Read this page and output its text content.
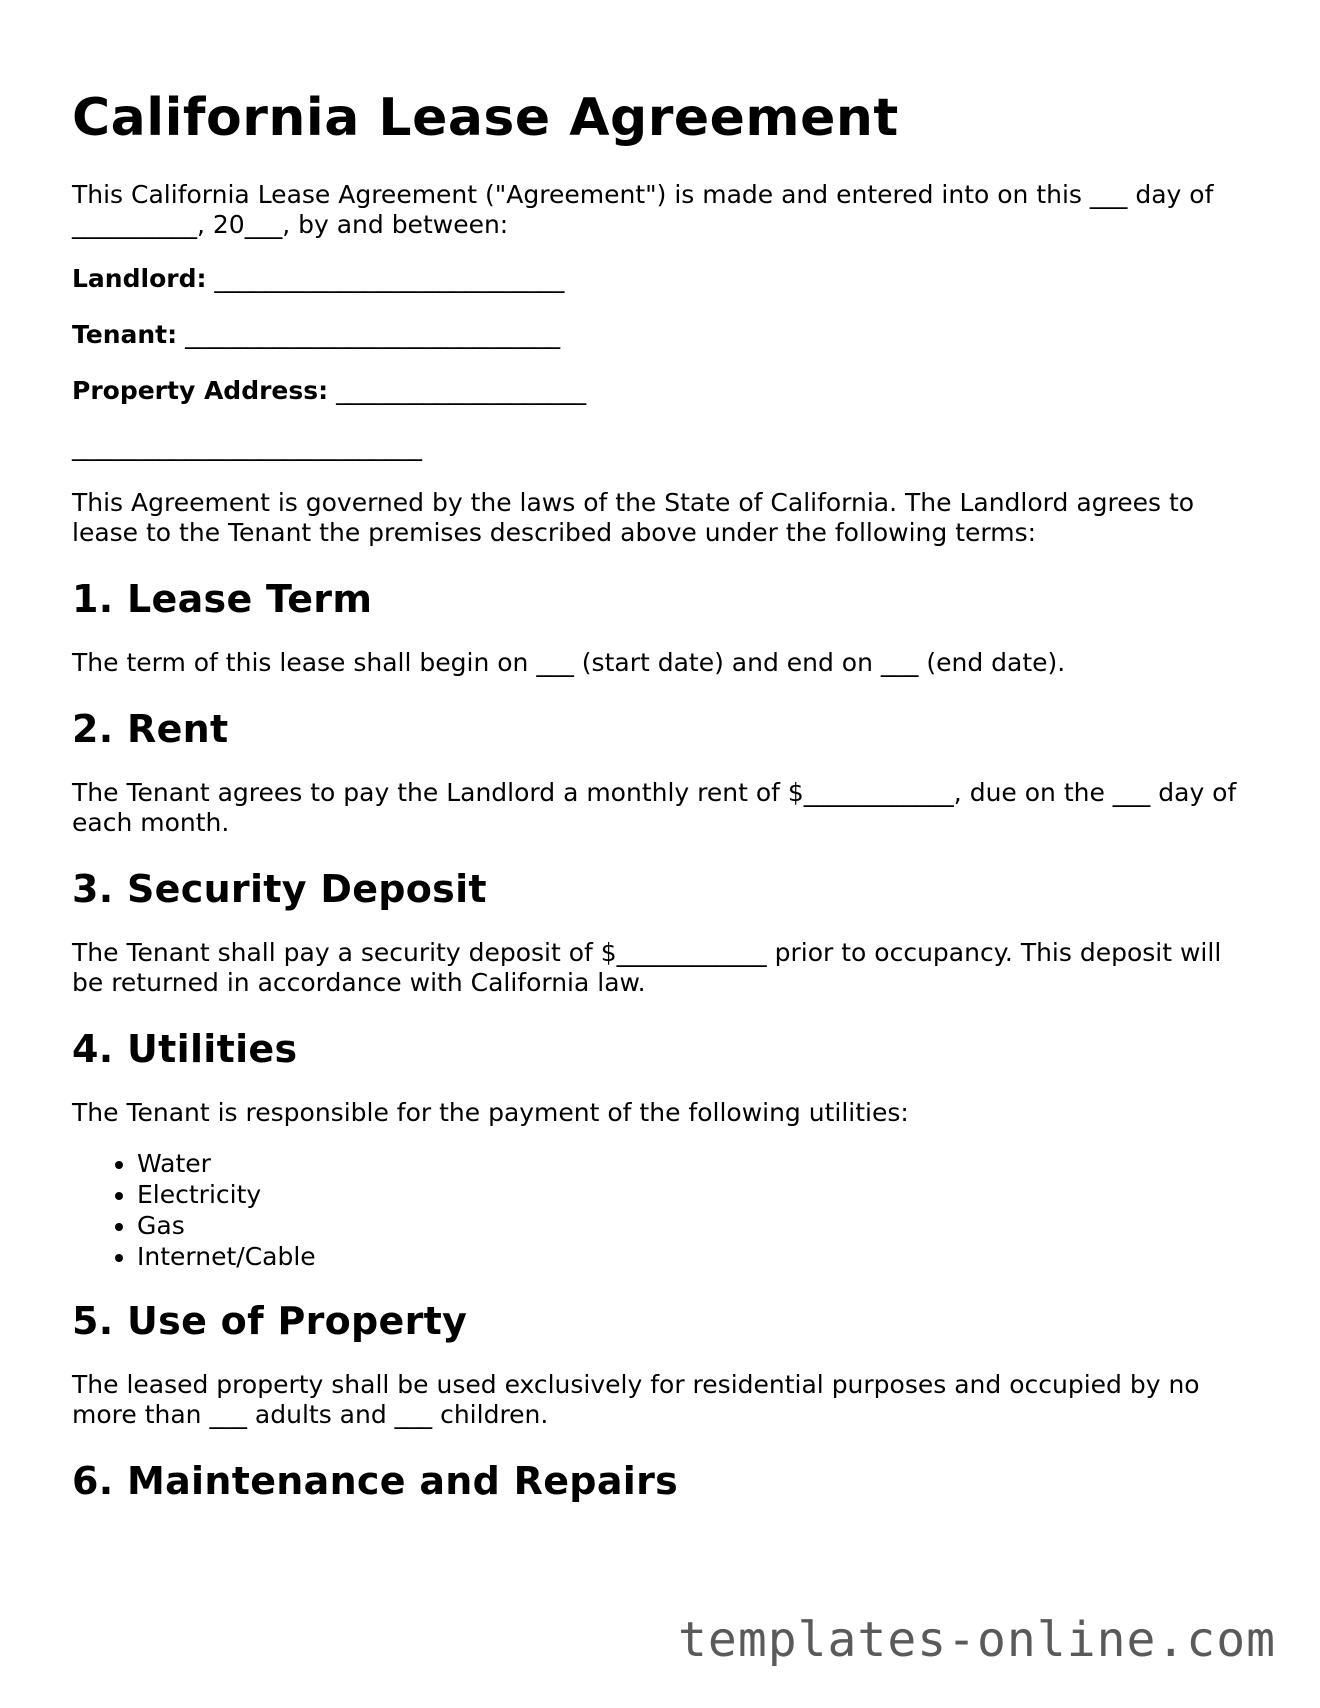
California Lease Agreement

This California Lease Agreement ("Agreement") is made and entered into on this ___ day of __________, 20___, by and between:

Landlord: ____________________________

Tenant: ______________________________

Property Address: ____________________

____________________________

This Agreement is governed by the laws of the State of California. The Landlord agrees to lease to the Tenant the premises described above under the following terms:

1. Lease Term

The term of this lease shall begin on ___ (start date) and end on ___ (end date).

2. Rent

The Tenant agrees to pay the Landlord a monthly rent of $____________, due on the ___ day of each month.

3. Security Deposit

The Tenant shall pay a security deposit of $____________ prior to occupancy. This deposit will be returned in accordance with California law.

4. Utilities

The Tenant is responsible for the payment of the following utilities:

• Water
• Electricity
• Gas
• Internet/Cable
5. Use of Property

The leased property shall be used exclusively for residential purposes and occupied by no more than ___ adults and ___ children.

6. Maintenance and Repairs
templates-online.com
